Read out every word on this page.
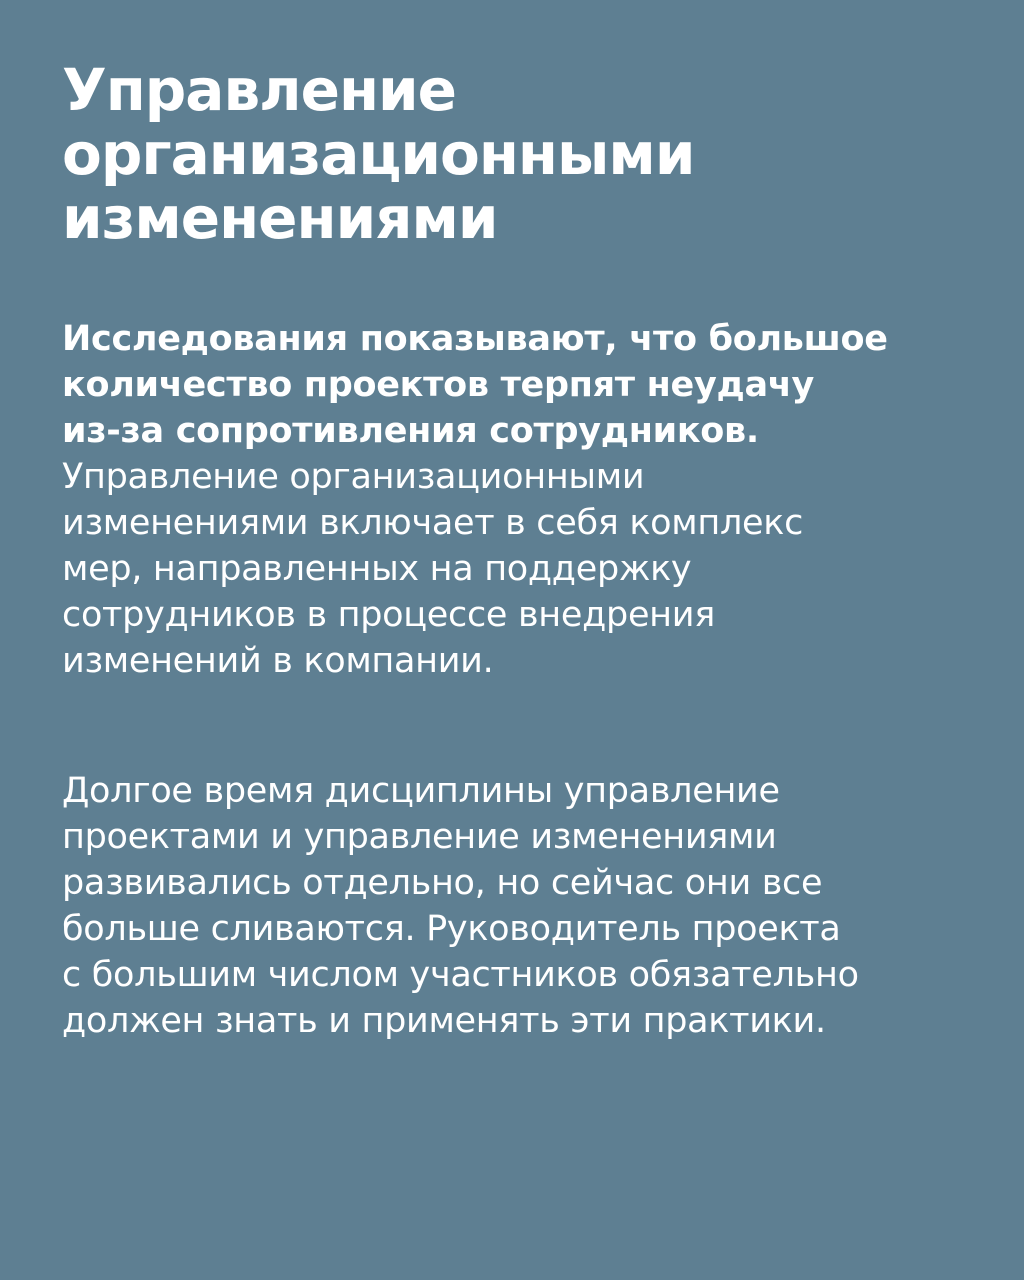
Управление
организационными
изменениями

Исследования показывают, что большое
количество проектов терпят неудачу
из-за сопротивления сотрудников.
Управление организационными
изменениями включает в себя комплекс
мер, направленных на поддержку
сотрудников в процессе внедрения
изменений в компании.

Долгое время дисциплины управление
проектами и управление изменениями
развивались отдельно, но сейчас они все
больше сливаются. Руководитель проекта
с большим числом участников обязательно
должен знать и применять эти практики.
